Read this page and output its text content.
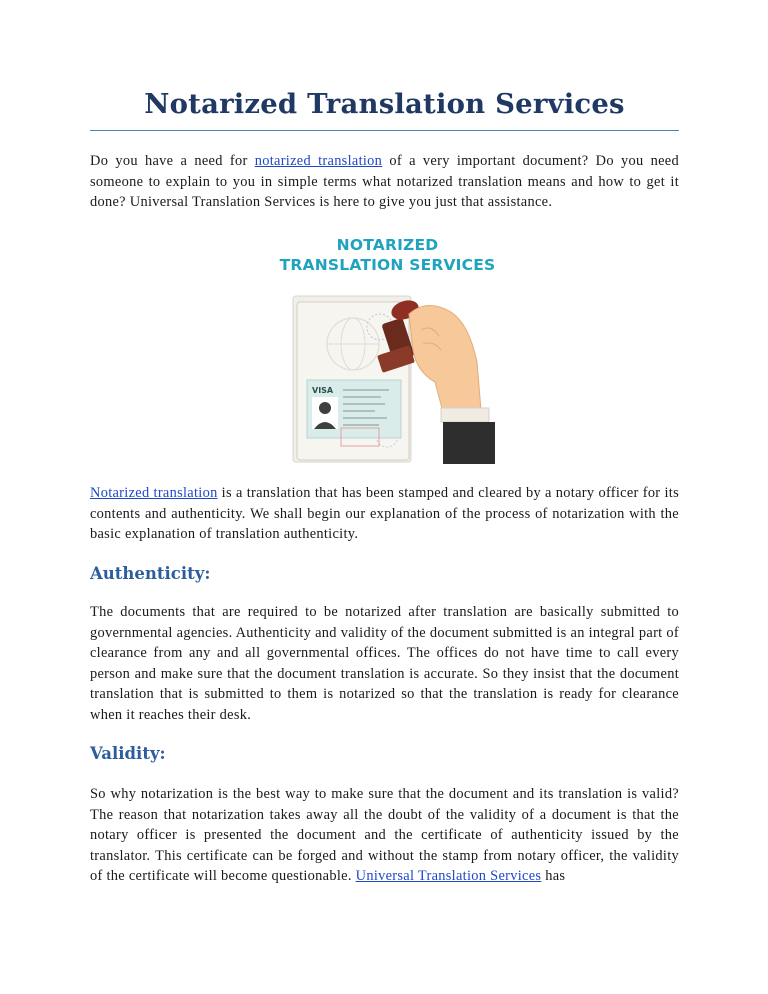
Notarized Translation Services

Do you have a need for notarized translation of a very important document? Do you need someone to explain to you in simple terms what notarized translation means and how to get it done? Universal Translation Services is here to give you just that assistance.

Notarized translation is a translation that has been stamped and cleared by a notary officer for its contents and authenticity. We shall begin our explanation of the process of notarization with the basic explanation of translation authenticity.

Authenticity:

The documents that are required to be notarized after translation are basically submitted to governmental agencies. Authenticity and validity of the document submitted is an integral part of clearance from any and all governmental offices. The offices do not have time to call every person and make sure that the document translation is accurate. So they insist that the document translation that is submitted to them is notarized so that the translation is ready for clearance when it reaches their desk.

Validity:

So why notarization is the best way to make sure that the document and its translation is valid? The reason that notarization takes away all the doubt of the validity of a document is that the notary officer is presented the document and the certificate of authenticity issued by the translator. This certificate can be forged and without the stamp from notary officer, the validity of the certificate will become questionable. Universal Translation Services has

NOTARIZED
TRANSLATION SERVICES
VISA
